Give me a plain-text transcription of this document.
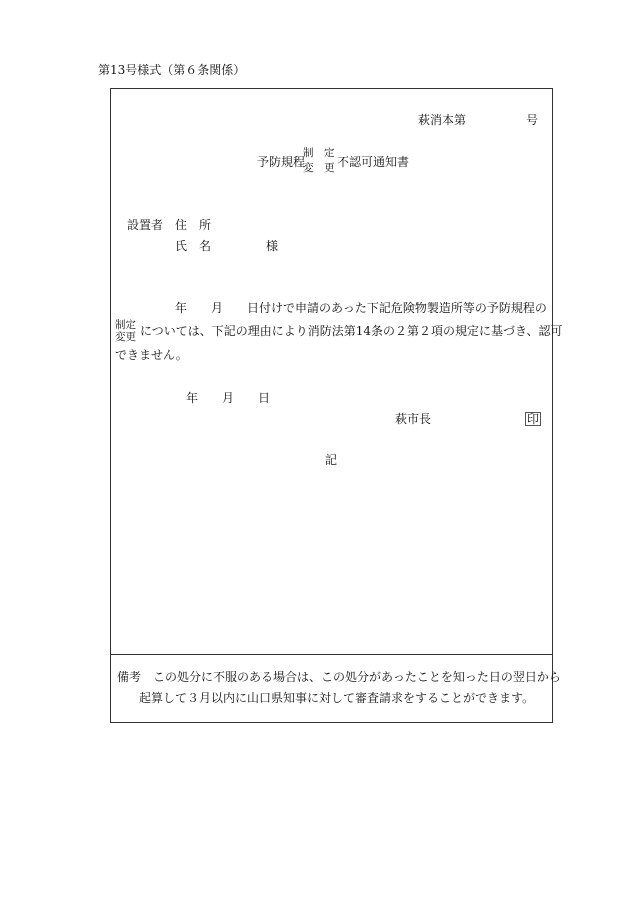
第13号様式（第６条関係）
萩消本第	号
予防規程
制　定
変　更 不認可通知書
設置者　住　所
氏　名	様
年 月 日付けで申請のあった下記危険物製造所等の予防規程の
制定
変更 については、下記の理由により消防法第14条の２第２項の規定に基づき、認可
できません。
年 月 日
萩市長	印
記
備考　この処分に不服のある場合は、この処分があったことを知った日の翌日から
起算して３月以内に山口県知事に対して審査請求をすることができます。
